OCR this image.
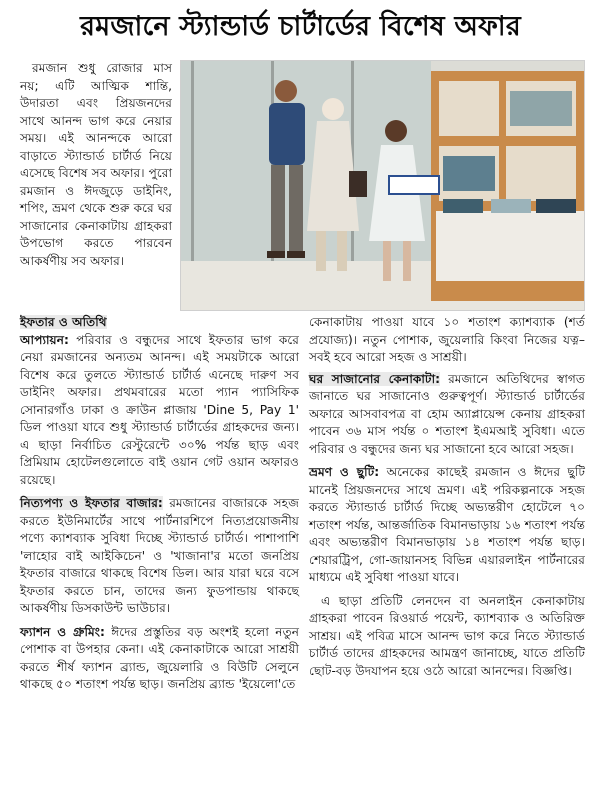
রমজানে স্ট্যান্ডার্ড চার্টার্ডের বিশেষ অফার

রমজান শুধু রোজার মাস নয়; এটি আত্মিক শান্তি, উদারতা এবং প্রিয়জনদের সাথে আনন্দ ভাগ করে নেয়ার সময়। এই আনন্দকে আরো বাড়াতে স্ট্যান্ডার্ড চার্টার্ড নিয়ে এসেছে বিশেষ সব অফার। পুরো রমজান ও ঈদজুড়ে ডাইনিং, শপিং, ভ্রমণ থেকে শুরু করে ঘর সাজানোর কেনাকাটায় গ্রাহকরা উপভোগ করতে পারবেন আকর্ষণীয় সব অফার।

ইফতার ও অতিথি

আপ্যায়ন: পরিবার ও বন্ধুদের সাথে ইফতার ভাগ করে নেয়া রমজানের অন্যতম আনন্দ। এই সময়টাকে আরো বিশেষ করে তুলতে স্ট্যান্ডার্ড চার্টার্ড এনেছে দারুণ সব ডাইনিং অফার। প্রথমবারের মতো প্যান প্যাসিফিক সোনারগাঁও ঢাকা ও ক্রাউন প্লাজায় 'Dine 5, Pay 1' ডিল পাওয়া যাবে শুধু স্ট্যান্ডার্ড চার্টার্ডের গ্রাহকদের জন্য। এ ছাড়া নির্বাচিত রেস্টুরেন্টে ৩০% পর্যন্ত ছাড় এবং প্রিমিয়াম হোটেলগুলোতে বাই ওয়ান গেট ওয়ান অফারও রয়েছে।

নিত্যপণ্য ও ইফতার বাজার: রমজানের বাজারকে সহজ করতে ইউনিমার্টের সাথে পার্টনারশিপে নিত্যপ্রয়োজনীয় পণ্যে ক্যাশব্যাক সুবিধা দিচ্ছে স্ট্যান্ডার্ড চার্টার্ড। পাশাপাশি 'লাহোর বাই আইকিচেন' ও 'খাজানা'র মতো জনপ্রিয় ইফতার বাজারে থাকছে বিশেষ ডিল। আর যারা ঘরে বসে ইফতার করতে চান, তাদের জন্য ফুডপান্ডায় থাকছে আকর্ষণীয় ডিসকাউন্ট ভাউচার।

ফ্যাশন ও গ্রুমিং: ঈদের প্রস্তুতির বড় অংশই হলো নতুন পোশাক বা উপহার কেনা। এই কেনাকাটাকে আরো সাশ্রয়ী করতে শীর্ষ ফ্যাশন ব্র্যান্ড, জুয়েলারি ও বিউটি সেলুনে থাকছে ৫০ শতাংশ পর্যন্ত ছাড়। জনপ্রিয় ব্র্যান্ড 'ইয়েলো'তে

কেনাকাটায় পাওয়া যাবে ১০ শতাংশ ক্যাশব্যাক (শর্ত প্রযোজ্য)। নতুন পোশাক, জুয়েলারি কিংবা নিজের যত্ন– সবই হবে আরো সহজ ও সাশ্রয়ী।

ঘর সাজানোর কেনাকাটা: রমজানে অতিথিদের স্বাগত জানাতে ঘর সাজানোও গুরুত্বপূর্ণ। স্ট্যান্ডার্ড চার্টার্ডের অফারে আসবাবপত্র বা হোম অ্যাপ্লায়েন্স কেনায় গ্রাহকরা পাবেন ৩৬ মাস পর্যন্ত ০ শতাংশ ইএমআই সুবিধা। এতে পরিবার ও বন্ধুদের জন্য ঘর সাজানো হবে আরো সহজ।

ভ্রমণ ও ছুটি: অনেকের কাছেই রমজান ও ঈদের ছুটি মানেই প্রিয়জনদের সাথে ভ্রমণ। এই পরিকল্পনাকে সহজ করতে স্ট্যান্ডার্ড চার্টার্ড দিচ্ছে অভ্যন্তরীণ হোটেলে ৭০ শতাংশ পর্যন্ত, আন্তর্জাতিক বিমানভাড়ায় ১৬ শতাংশ পর্যন্ত এবং অভ্যন্তরীণ বিমানভাড়ায় ১৪ শতাংশ পর্যন্ত ছাড়। শেয়ারট্রিপ, গো-জায়ানসহ বিভিন্ন এয়ারলাইন পার্টনারের মাধ্যমে এই সুবিধা পাওয়া যাবে।

এ ছাড়া প্রতিটি লেনদেন বা অনলাইন কেনাকাটায় গ্রাহকরা পাবেন রিওয়ার্ড পয়েন্ট, ক্যাশব্যাক ও অতিরিক্ত সাশ্রয়। এই পবিত্র মাসে আনন্দ ভাগ করে নিতে স্ট্যান্ডার্ড চার্টার্ড তাদের গ্রাহকদের আমন্ত্রণ জানাচ্ছে, যাতে প্রতিটি ছোট-বড় উদযাপন হয়ে ওঠে আরো আনন্দের। বিজ্ঞপ্তি।
